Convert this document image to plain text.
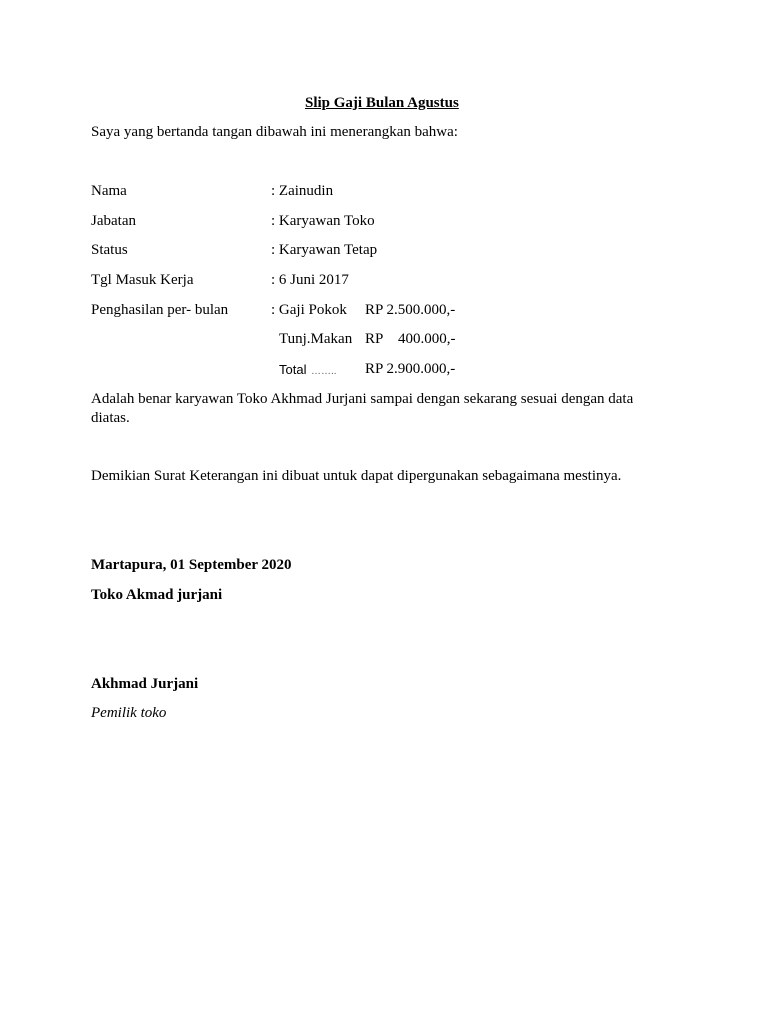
Slip Gaji Bulan Agustus
Saya yang bertanda tangan dibawah ini menerangkan bahwa:
Nama	: Zainudin
Jabatan	: Karyawan Toko
Status	: Karyawan Tetap
Tgl Masuk Kerja	: 6 Juni 2017
Penghasilan per- bulan	: Gaji Pokok RP 2.500.000,-
Tunj.Makan RP 400.000,-
Total …….. RP 2.900.000,-
Adalah benar karyawan Toko Akhmad Jurjani sampai dengan sekarang sesuai dengan data
diatas.
Demikian Surat Keterangan ini dibuat untuk dapat dipergunakan sebagaimana mestinya.
Martapura, 01 September 2020
Toko Akmad jurjani
Akhmad Jurjani
Pemilik toko
